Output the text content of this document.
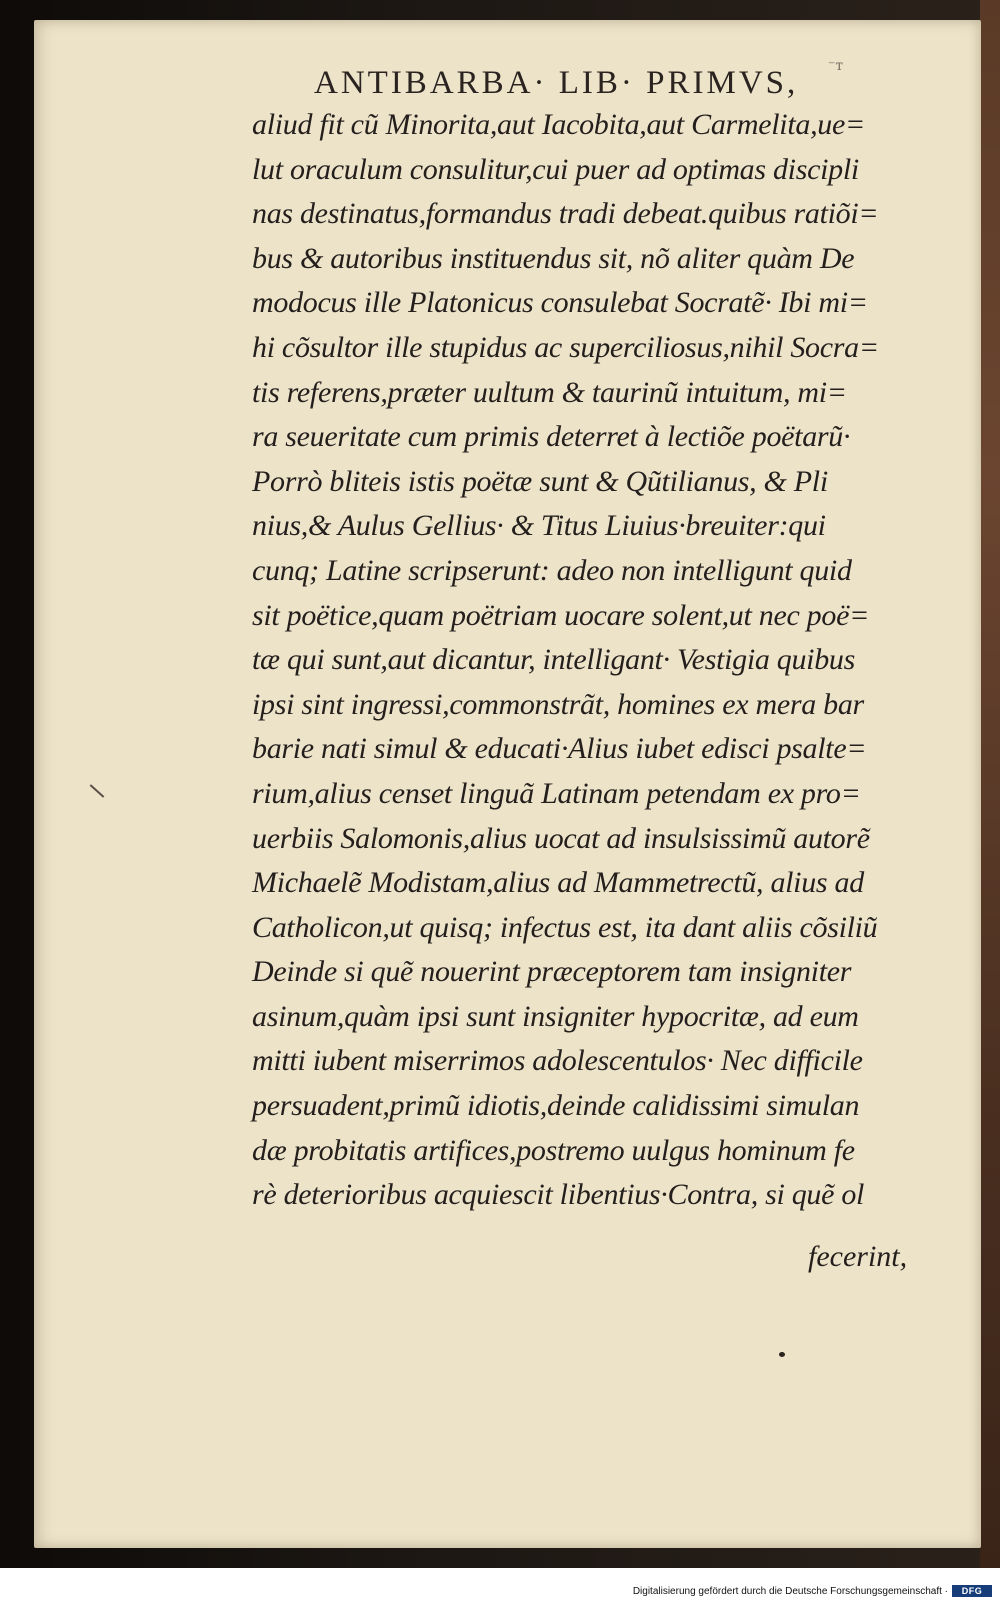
⁻ᴛ
ANTIBARBA· LIB· PRIMVS,
aliud fit cũ Minorita,aut Iacobita,aut Carmelita,ue=
lut oraculum consulitur,cui puer ad optimas discipli
nas destinatus,formandus tradi debeat.quibus ratiõi=
bus & autoribus instituendus sit, nõ aliter quàm De
modocus ille Platonicus consulebat Socratẽ· Ibi mi=
hi cõsultor ille stupidus ac superciliosus,nihil Socra=
tis referens,præter uultum & taurinũ intuitum, mi=
ra seueritate cum primis deterret à lectiõe poëtarũ·
Porrò bliteis istis poëtæ sunt & Qũtilianus, & Pli
nius,& Aulus Gellius· & Titus Liuius·breuiter:qui
cunq; Latine scripserunt: adeo non intelligunt quid
sit poëtice,quam poëtriam uocare solent,ut nec poë=
tæ qui sunt,aut dicantur, intelligant· Vestigia quibus
ipsi sint ingressi,commonstrãt, homines ex mera bar
barie nati simul & educati·Alius iubet edisci psalte=
rium,alius censet linguã Latinam petendam ex pro=
uerbiis Salomonis,alius uocat ad insulsissimũ autorẽ
Michaelẽ Modistam,alius ad Mammetrectũ, alius ad
Catholicon,ut quisq; infectus est, ita dant aliis cõsiliũ
Deinde si quẽ nouerint præceptorem tam insigniter
asinum,quàm ipsi sunt insigniter hypocritæ, ad eum
mitti iubent miserrimos adolescentulos· Nec difficile
persuadent,primũ idiotis,deinde calidissimi simulan
dæ probitatis artifices,postremo uulgus hominum fe
rè deterioribus acquiescit libentius·Contra, si quẽ ol
fecerint,
Digitalisierung gefördert durch die Deutsche Forschungsgemeinschaft ·	DFG
